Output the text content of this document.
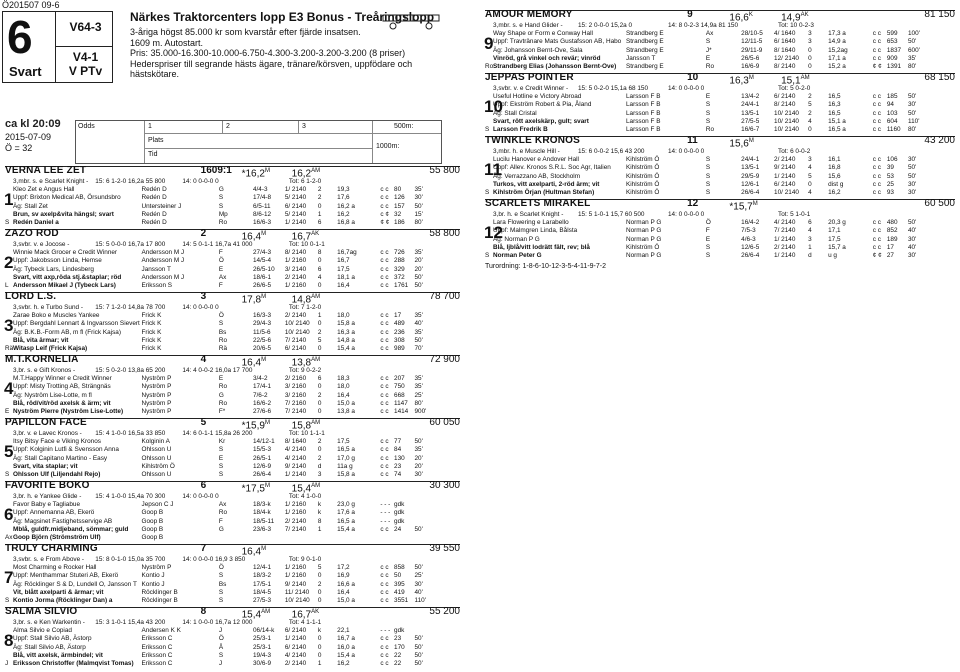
Ö201507 09-6
6
Svart
V64-3
V4-1
V PTv
Närkes Traktorcenters lopp E3 Bonus - Treåringslopp
3-åriga högst 85.000 kr som kvarstår efter fjärde insatsen.
1609 m. Autostart.
Pris: 35.000-16.300-10.000-6.750-4.300-3.200-3.200-3.200 (8 priser)
Hederspriser till segrande hästs ägare, tränare/körsven, uppfödare och hästskötare.
ca kl 20:09
2015-07-09
Ö = 32
Odds	1	2	3	500m:
Plats
1000m:
Tid
VERNA LEE ZET	1609:1 $*16,2^M$ $16,2^{AM}$	55 800
3,mbr. s. e Scarlet Knight - 15: 6 1-2-0 16,2a 55 800	14: 0 0-0-0 0	Tot: 6 1-2-0
Kleo Zet e Angus Hall	Redén D	G	4/4-3	1/ 2140 2 19,3	c c 80 35'
Uppf: Brixton Medical AB, Örsundsbro	Redén D	S	17/4-8 5/ 2140 2 17,6	c c 126 30'
Äg: Stall Zet	Untersteiner J	S	6/5-11 6/ 2140 0 16,2 a	c c 157 50'
Brun, sv axelp&vita hängsl; svart	Redén D	Mp	8/6-12 5/ 2140 1 16,2	c ¢ 32 15'
S Redén Daniel a	Redén D	Ro	16/6-3 1/ 2140 6 16,8 a	¢ ¢ 186 80'
1
ZAZO ROD	2	$16,4^M$	$16,7^{AK}$	58 800
3,svbr. v. e Jocose -	15: 5 0-0-0 16,7a 17 800	14: 5 0-1-1 16,7a 41 000	Tot: 10 0-1-1
Winnie Mack Grocer e Credit Winner	Andersson M J	F	27/4-3 8/ 2140 8 16,7ag	c c 726 35'
Uppf: Jakobsson Linda, Hemse	Andersson M J	Ö	14/5-4 1/ 2160 0 16,7	c c 288 20'
Äg: Tybeck Lars, Lindesberg	Jansson T	E	26/5-10 3/ 2140 6 17,5	c c 329 20'
Svart, vitt axp,röda stj.&staplar; röd	Andersson M J	Ax	18/6-1 2/ 2140 4 18,1 a	c c 372 50'
L Andersson Mikael J (Tybeck Lars)	Eriksson S	F	26/6-5 1/ 2160 0 16,4	c c 1761 50'
2
LORD L.S.	3	$17,8^M$	$14,8^{AM}$	78 700
3,svbr. h. e Turbo Sund - 15: 7 1-2-0 14,8a 78 700	14: 0 0-0-0 0	Tot: 7 1-2-0
Zarae Boko e Muscles Yankee	Frick K	Ö	16/3-3 2/ 2140 1 18,0	c c 17 35'
Uppf: Bergdahl Lennart & Ingvarsson Sievert Frick K	S	29/4-3 10/ 2140 0 15,8 a	c c 489 40'
Äg: B.K.B.-Form AB, m fl (Frick Kajsa)	Frick K	Bs	11/5-6 10/ 2140 2 16,3 a	c c 236 35'
Blå, vita ärmar; vit	Frick K	Ro	22/5-6 7/ 2140 5 14,8 a	c c 308 50'
Rä Witasp Leif (Frick Kajsa)	Frick K	Rä	20/6-5 6/ 2140 0 15,4 a	c c 989 70'
3
M.T.KORNELIA	4	$16,4^M$	$13,8^{AM}$	72 900
3,br. s. e Gift Kronos -	15: 5 0-2-0 13,8a 65 200	14: 4 0-0-2 16,0a 17 700	Tot: 9 0-2-2
M.T.Happy Winner e Credit Winner	Nyström P	E	3/4-2	2/ 2160 6 18,3	c c 207 35'
Uppf: Misty Trotting AB, Strängnäs	Nyström P	Ro	17/4-1 3/ 2160 0 18,0	c c 750 35'
Äg: Nyström Lise-Lotte, m fl	Nyström P	G	7/6-2	3/ 2160 2 16,4	c c 668 25'
Blå, röd/vit/röd axelsk & ärm; vit	Nyström P	Ro	16/6-2 7/ 2160 0 15,0 a	c c 1147 80'
E Nyström Pierre (Nyström Lise-Lotte)	Nyström P	F*	27/6-6 7/ 2140 0 13,8 a	c c 1414 900'
4
PAPILLON FACE	5	$*15,9^M$ $15,8^{AM}$	60 050
3,br. v. e Lavec Kronos - 15: 4 1-0-0 16,5a 33 850	14: 6 0-1-1 15,8a 26 200	Tot: 10 1-1-1
Itsy Bitsy Face e Viking Kronos	Kolginin A	Kr	14/12-1 8/ 1640 2 17,5	c c 77 50'
Uppf: Kolginin Lutfi & Svensson Anna	Ohlsson U	S	15/5-3 4/ 2140 0 16,5 a	c c 84 35'
Äg: Stall Capitano Martino - Easy	Ohlsson U	E	26/5-1 4/ 2140 2 17,0 g	c c 130 20'
Svart, vita staplar; vit	Kihlström Ö	S	12/6-9 9/ 2140 d 11a g	c c 23 20'
S Ohlsson Ulf (Liljendahl Rejo)	Ohlsson U	S	26/6-4 1/ 2140 3 15,8 a	c c 74 30'
5
FAVORITE BOKO	6	$*17,5^M$ $15,4^{AM}$	30 300
3,br. h. e Yankee Glide - 15: 4 1-0-0 15,4a 70 300	14: 0 0-0-0 0	Tot: 4 1-0-0
Favor Baby e Tagliabue	Jepson C J	Ax	18/3-k 1/ 2160 k	23,0 g	- - - gdk
Uppf: Annemanna AB, Ekerö	Goop B	Ro	18/4-k 1/ 2160 k	17,6 a	- - - gdk
Äg: Magsinet Fastighetsservige AB	Goop B	F	18/5-11 2/ 2140 8 16,5 a	- - - gdk
Mblå, guldfr.midjeband, sömmar; guld Goop B	G	23/6-3 7/ 2140 1 15,4 a	c c 24 50'
Ax Goop Björn (Strömström Ulf)	Goop B
6
TRULY CHARMING	7	$16,4^M$	39 550
3,svbr. s. e From Above - 15: 8 0-1-0 15,0a 35 700	14: 0 0-0-0 16,9 3 850	Tot: 9 0-1-0
Most Charming e Rocker Hall	Nyström P	Ö	12/4-1 1/ 2160 5 17,2	c c 858 50'
Uppf: Menthammar Stuteri AB, Ekerö	Kontio J	S	18/3-2 1/ 2160 0 16,9	c c 50 25'
Äg: Röcklinger S & D, Lundell O, Jansson T Kontio J	Bs	17/5-1 9/ 2140 2 16,6 a	c c 395 30'
Vit, blått axelparti & ärmar; vit	Röcklinger B	S	18/4-5 11/ 2140 0 16,4	c c 419 40'
S Kontio Jorma (Röcklinger Dan) a	Röcklinger B	S	27/5-3 10/ 2140 0 15,0 a	c c 3551 110'
7
SALMA SILVIO	8	$15,4^{AM}$ $16,7^{AK}$	55 200
3,br. s. e Ken Warkentin - 15: 3 1-0-1 15,4a 43 200	14: 1 0-0-0 16,7a 12 000	Tot: 4 1-1-1
Alma Silvio e Copiad	Andersen K K	J	06/14-k 6/ 2140 k	22,1	- - - gdk
Uppf: Stall Silvio AB, Ästorp	Eriksson C	Ö	25/3-1 1/ 2140 0 16,7 a	c c 23 50'
Äg: Stall Silvio AB, Ästorp	Eriksson C	Å	25/3-1 6/ 2140 0 16,0 a	c c 170 50'
Blå, vitt axelsk, ärmbindel; vit	Eriksson C	S	19/4-3 4/ 2140 0 15,4 a	c c 22 50'
J Eriksson Christoffer (Malmqvist Tomas) Eriksson C	J	30/6-9 2/ 2140 1 16,2	c c 22 50'
8
AMOUR MEMORY	9	$16,6^K$	$14,9^{AK}$	81 150
3,mbr. s. e Hand Glider - 15: 2 0-0-0 15,2a 0	14: 8 0-2-3 14,9a 81 150	Tot: 10 0-2-3
Way Shape or Form e Conway Hall	Strandberg E	Ax	28/10-5 4/ 1640 3	17,3 a	c c 599 100'
Uppf: Travtränare Mats Gustafsson AB, Habo Strandberg E	S	12/11-5 6/ 1640 3	14,9 a	c c 653 50'
Äg: Johansson Bernt-Ove, Sala	Strandberg E	J*	29/11-9 8/ 1640 0	15,2ag	c c 1837 600'
Vinröd, grå vinkel och revär; vinröd	Jansson T	E	26/5-6 12/ 2140 0	17,1 a	c c 909 35'
Ro Strandberg Elias (Johansson Bernt-Ove) Strandberg E	Ro	16/6-9 8/ 2140 0	15,2 a	¢ ¢ 1391 80'
9
JEPPAS POINTER	10	$16,3^M$	$15,1^{AM}$	68 150
3,svbr. v. e Credit Winner - 15: 5 0-2-0 15,1a 68 150	14: 0 0-0-0 0	Tot: 5 0-2-0
Useful Hotline e Victory Abroad	Larsson F B	E	13/4-2 6/ 2140 2	16,5	c c 185 50'
Uppf: Ekström Robert & Pia, Åland	Larsson F B	S	24/4-1 8/ 2140 5	16,3	c c 94 30'
Äg: Stall Cristal	Larsson F B	S	13/5-1 10/ 2140 2	16,5	c c 103 50'
Svart, rött axelskärp, gult; svart	Larsson F B	S	27/5-5 10/ 2140 4	15,1 a	c c 604 110'
S Larsson Fredrik B	Larsson F B	Ro	16/6-7 10/ 2140 0	16,5 a	c c 1160 80'
10
TWINKLE KRONOS	11	$15,6^M$	43 200
3,mbr. h. e Muscle Hill -	15: 6 0-0-2 15,6 43 200	14: 0 0-0-0 0	Tot: 6 0-0-2
Lucilu Hanover e Andover Hall	Kihlström Ö	S	24/4-1 2/ 2140 3	16,1	c c 106 30'
Uppf: Allev. Kronos S.R.L. Soc Agr, Italien Kihlström Ö	S	13/5-1 9/ 2140 4	16,8	c c 39 50'
Äg: Verrazzano AB, Stockholm	Kihlström Ö	S	29/5-9 1/ 2140 5	15,6	c c 53 50'
Turkos, vitt axelparti, 2-röd ärm; vit	Kihlström Ö	S	12/6-1 6/ 2140 0	dist g	c c 25 30'
S Kihlström Örjan (Hultman Stefan)	Kihlström Ö	S	26/6-4 10/ 2140 4	16,2	c c 93 30'
11
SCARLETS MIRAKEL	12	$*15,7^M$	60 500
3,br. h. e Scarlet Knight - 15: 5 1-0-1 15,7 60 500	14: 0 0-0-0 0	Tot: 5 1-0-1
Lara Flowering e Larabello	Norman P G	Ö	16/4-2 4/ 2140 6	20,3 g	c c 480 50'
Uppf: Malmgren Linda, Bålsta	Norman P G	F	7/5-3	7/ 2140 4	17,1	c c 852 40'
Äg: Norman P G	Norman P G	E	4/6-3	1/ 2140 3	17,5	c c 189 30'
Blå, ljblå/vitt lodrätt fält, rev; blå	Kihlström Ö	S	12/6-5 2/ 2140 1	15,7 a	c c 17 40'
S Norman Peter G	Norman P G	S	26/6-4 1/ 2140 d	u g	¢ ¢ 27 30'
12
Turordning: 1-8-6-10-12-3-5-4-11-9-7-2
